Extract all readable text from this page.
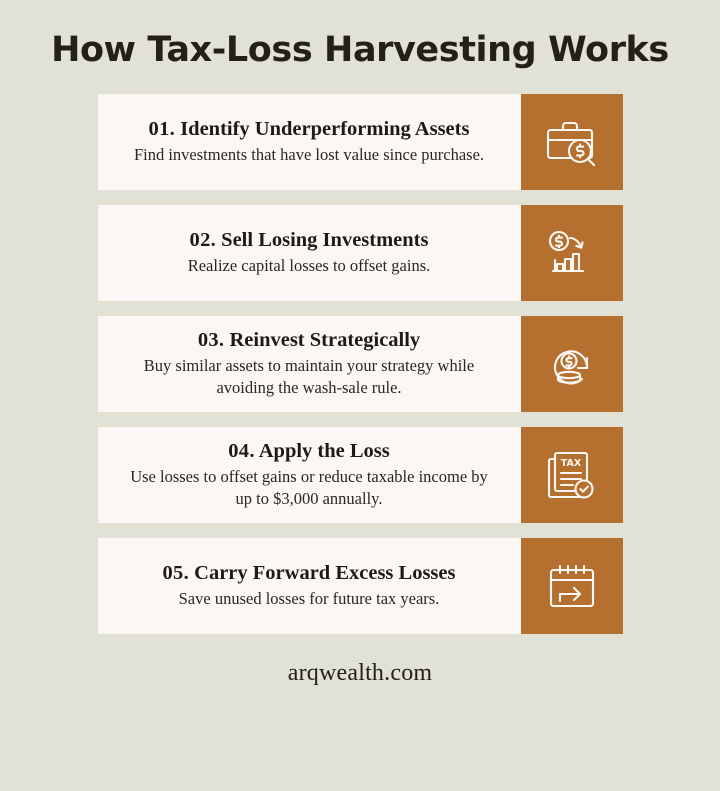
How Tax-Loss Harvesting Works
01. Identify Underperforming Assets
Find investments that have lost value since purchase.
02. Sell Losing Investments
Realize capital losses to offset gains.
03. Reinvest Strategically
Buy similar assets to maintain your strategy while avoiding the wash-sale rule.
04. Apply the Loss
Use losses to offset gains or reduce taxable income by up to $3,000 annually.
TAX
05. Carry Forward Excess Losses
Save unused losses for future tax years.
arqwealth.com
